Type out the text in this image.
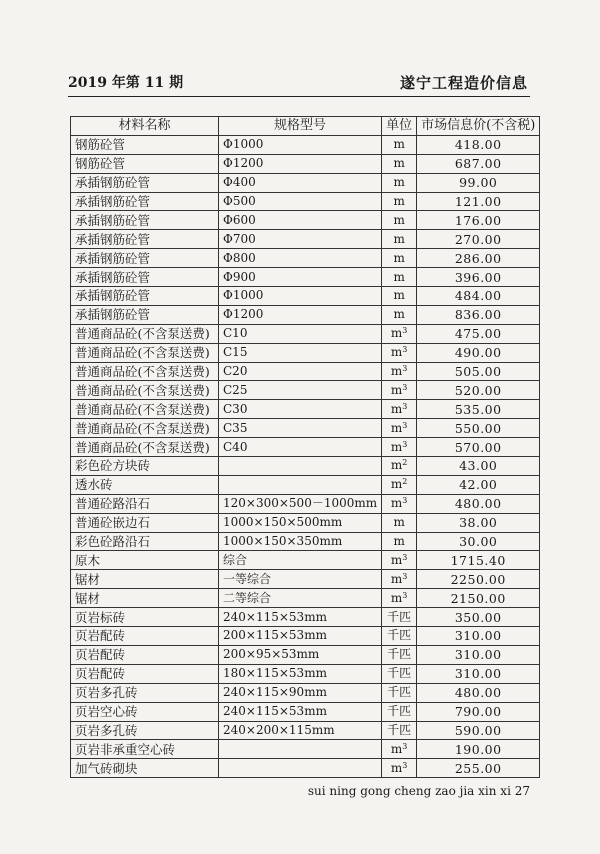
2019 年第 11 期	遂宁工程造价信息
材料名称	规格型号	单位	市场信息价(不含税)
钢筋砼管	Φ1000	m	418.00
钢筋砼管	Φ1200	m	687.00
承插钢筋砼管	Φ400	m	99.00
承插钢筋砼管	Φ500	m	121.00
承插钢筋砼管	Φ600	m	176.00
承插钢筋砼管	Φ700	m	270.00
承插钢筋砼管	Φ800	m	286.00
承插钢筋砼管	Φ900	m	396.00
承插钢筋砼管	Φ1000	m	484.00
承插钢筋砼管	Φ1200	m	836.00
普通商品砼(不含泵送费)	C10	$m^3$	475.00
普通商品砼(不含泵送费)	C15	$m^3$	490.00
普通商品砼(不含泵送费)	C20	$m^3$	505.00
普通商品砼(不含泵送费)	C25	$m^3$	520.00
普通商品砼(不含泵送费)	C30	$m^3$	535.00
普通商品砼(不含泵送费)	C35	$m^3$	550.00
普通商品砼(不含泵送费)	C40	$m^3$	570.00
彩色砼方块砖		$m^2$	43.00
透水砖		$m^2$	42.00
普通砼路沿石	120×300×500－1000mm	$m^3$	480.00
普通砼嵌边石	1000×150×500mm	m	38.00
彩色砼路沿石	1000×150×350mm	m	30.00
原木	综合	$m^3$	1715.40
锯材	一等综合	$m^3$	2250.00
锯材	二等综合	$m^3$	2150.00
页岩标砖	240×115×53mm	千匹	350.00
页岩配砖	200×115×53mm	千匹	310.00
页岩配砖	200×95×53mm	千匹	310.00
页岩配砖	180×115×53mm	千匹	310.00
页岩多孔砖	240×115×90mm	千匹	480.00
页岩空心砖	240×115×53mm	千匹	790.00
页岩多孔砖	240×200×115mm	千匹	590.00
页岩非承重空心砖		$m^3$	190.00
加气砖砌块		$m^3$	255.00
sui ning gong cheng zao jia xin xi 27
